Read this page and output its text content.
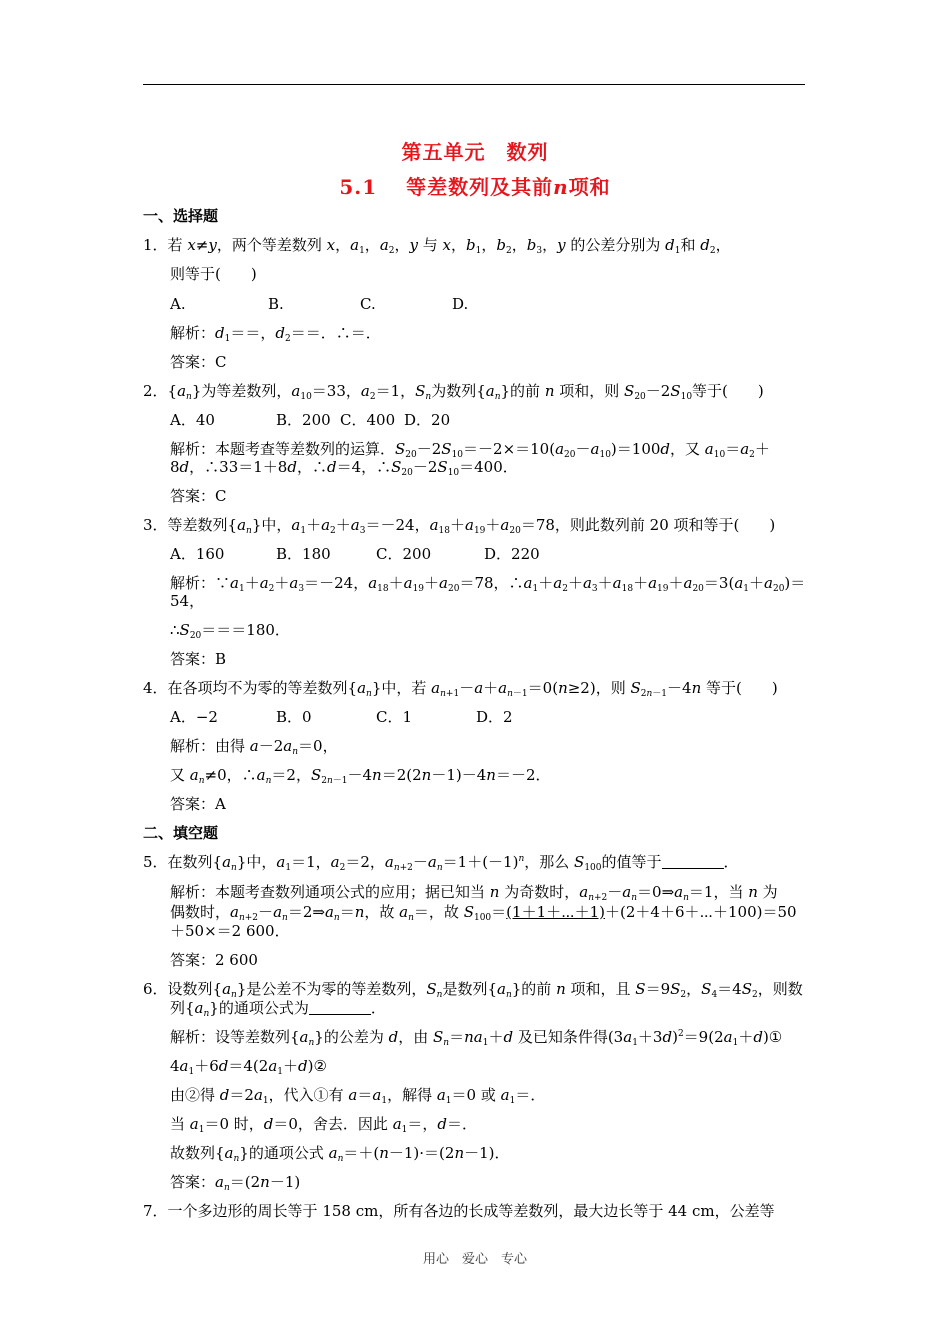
第五单元　数列
5.1　 等差数列及其前n项和
一、选择题
1．若 x≠y，两个等差数列 x，$a_1$，$a_2$，y 与 x，$b_1$，$b_2$，$b_3$，y 的公差分别为 $d_1$和 $d_2$，
则等于(　　)
A.	B.	C.	D.
解析：$d_1==$，$d_2==$．∴＝．
答案：C
2．$\{a_n\}$为等差数列，$a_{10}=33$，$a_2=1$，$S_n$为数列$\{a_n\}$的前 n 项和，则 $S_{20}-2S_{10}$等于(　　)
A．40	B．200 C．400 D．20
解析：本题考查等差数列的运算．$S_{20}-2S_{10}=-2\times=10(a_{20}-a_{10})=100d$，又 $a_{10}=a_2+$
8d，∴33＝1＋8d，∴d＝4，$\therefore S_{20}-2S_{10}=400$．
答案：C
3．等差数列$\{a_n\}$中，$a_1+a_2+a_3=-24$，$a_{18}+a_{19}+a_{20}=78$，则此数列前 20 项和等于(　　)
A．160	B．180	C．200	D．220
解析：$\because a_1+a_2+a_3=-24$，$a_{18}+a_{19}+a_{20}=78$，$\therefore a_1+a_2+a_3+a_{18}+a_{19}+a_{20}=3(a_1+a_{20})=$
54，
$\therefore S_{20}===180$．
答案：B
4．在各项均不为零的等差数列$\{a_n\}$中，若 $a_{n+1}-a+a_{n-1}=0(n\ge 2)$，则 $S_{2n-1}-4n$ 等于(　　)
A．−2	B．0	C．1	D．2
解析：由得 $a-2a_n=0$，
又 $a_n\ne 0$，$\therefore a_n=2$，$S_{2n-1}-4n=2(2n-1)-4n=-2$．
答案：A
二、填空题
5．在数列$\{a_n\}$中，$a_1=1$，$a_2=2$，$a_{n+2}-a_n=1+(-1)^n$，那么 $S_{100}$的值等于	．
解析：本题考查数列通项公式的应用；据已知当 n 为奇数时，$a_{n+2}-a_n=0\Rightarrow a_n=1$，当 n 为
偶数时，$a_{n+2}-a_n=2\Rightarrow a_n=n$，故 $a_n=$，故 $S_{100}=(1+1+\cdots+1)+(2+4+6+\cdots+100)=50$
＋50×＝2 600．
答案：2 600
6．设数列$\{a_n\}$是公差不为零的等差数列，$S_n$是数列$\{a_n\}$的前 n 项和，且 $S=9S_2$，$S_4=4S_2$，则数
列$\{a_n\}$的通项公式为	．
解析：设等差数列$\{a_n\}$的公差为 d，由 $S_n=na_1+d$ 及已知条件得$(3a_1+3d)^2=9(2a_1+d)①$
$4a_1+6d=4(2a_1+d)②$
由②得 $d=2a_1$，代入①有 $a=a_1$，解得 $a_1=0$ 或 $a_1=$．
当 $a_1=0$ 时，d＝0，舍去．因此 $a_1=$，d＝．
故数列$\{a_n\}$的通项公式 $a_n=+(n-1)\cdot=(2n-1)$．
答案：$a_n=(2n-1)$
7．一个多边形的周长等于 158 cm，所有各边的长成等差数列，最大边长等于 44 cm，公差等
用心　爱心　专心
